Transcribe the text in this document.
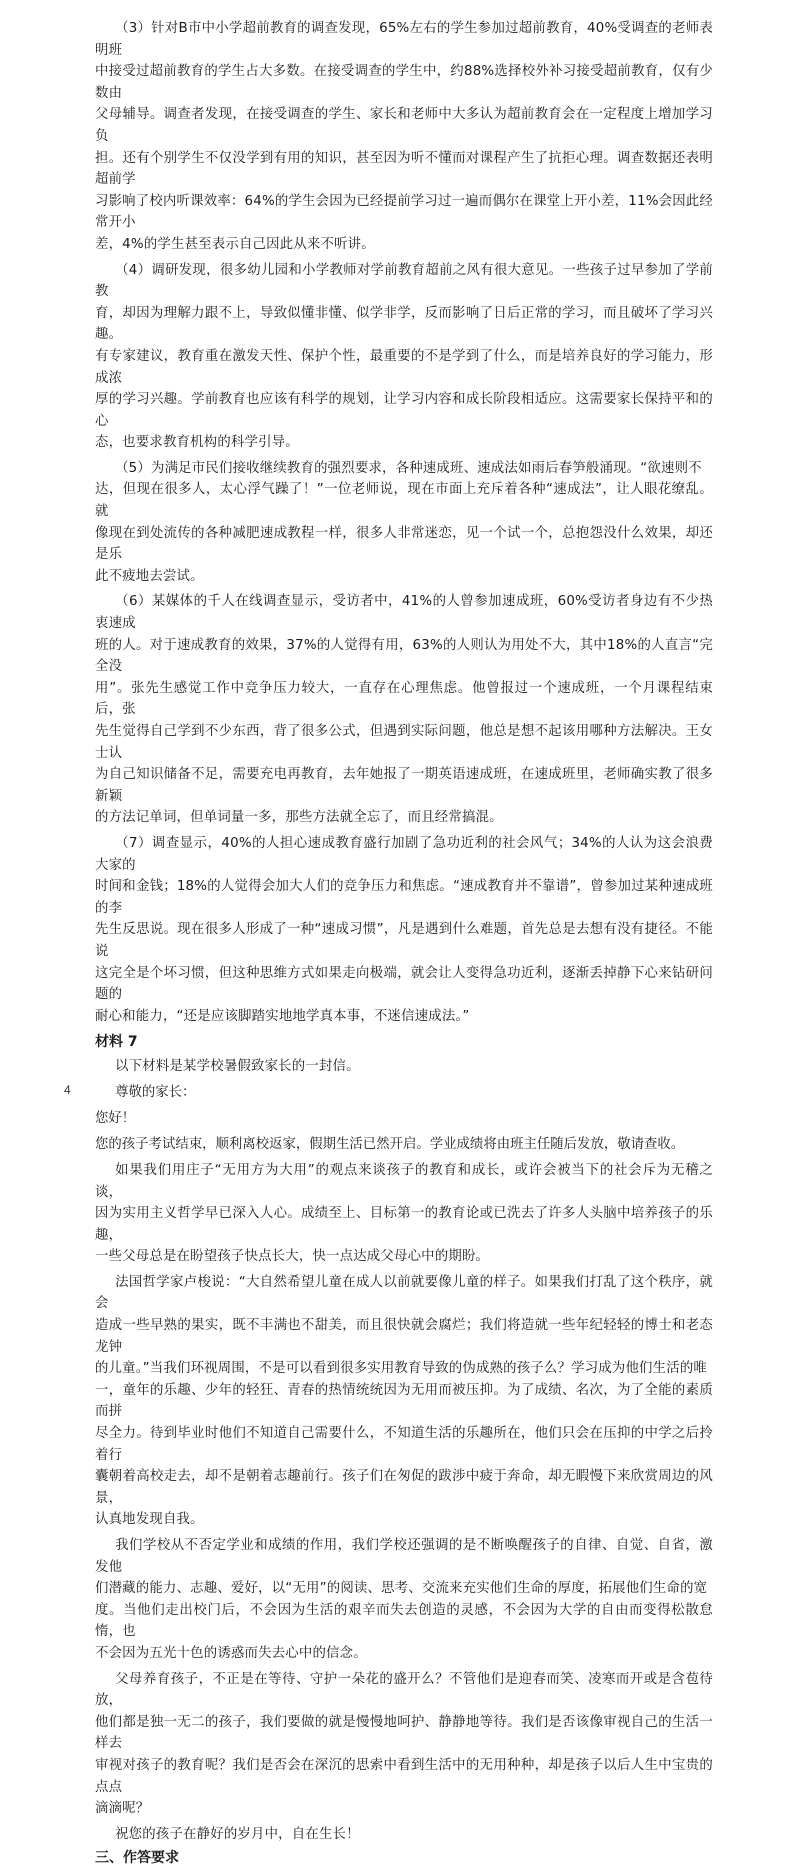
（3）针对B市中小学超前教育的调查发现，65%左右的学生参加过超前教育，40%受调查的老师表明班
中接受过超前教育的学生占大多数。在接受调查的学生中，约88%选择校外补习接受超前教育，仅有少数由
父母辅导。调查者发现，在接受调查的学生、家长和老师中大多认为超前教育会在一定程度上增加学习负
担。还有个别学生不仅没学到有用的知识，甚至因为听不懂而对课程产生了抗拒心理。调查数据还表明超前学
习影响了校内听课效率：64%的学生会因为已经提前学习过一遍而偶尔在课堂上开小差，11%会因此经常开小
差，4%的学生甚至表示自己因此从来不听讲。

（4）调研发现，很多幼儿园和小学教师对学前教育超前之风有很大意见。一些孩子过早参加了学前教
育，却因为理解力跟不上，导致似懂非懂、似学非学，反而影响了日后正常的学习，而且破坏了学习兴趣。
有专家建议，教育重在激发天性、保护个性，最重要的不是学到了什么，而是培养良好的学习能力，形成浓
厚的学习兴趣。学前教育也应该有科学的规划，让学习内容和成长阶段相适应。这需要家长保持平和的心
态，也要求教育机构的科学引导。

（5）为满足市民们接收继续教育的强烈要求，各种速成班、速成法如雨后春笋般涌现。“欲速则不
达，但现在很多人，太心浮气躁了！”一位老师说，现在市面上充斥着各种“速成法”，让人眼花缭乱。就
像现在到处流传的各种减肥速成教程一样，很多人非常迷恋，见一个试一个，总抱怨没什么效果，却还是乐
此不疲地去尝试。

（6）某媒体的千人在线调查显示，受访者中，41%的人曾参加速成班，60%受访者身边有不少热衷速成
班的人。对于速成教育的效果，37%的人觉得有用，63%的人则认为用处不大，其中18%的人直言“完全没
用”。张先生感觉工作中竞争压力较大，一直存在心理焦虑。他曾报过一个速成班，一个月课程结束后，张
先生觉得自己学到不少东西，背了很多公式，但遇到实际问题，他总是想不起该用哪种方法解决。王女士认
为自己知识储备不足，需要充电再教育，去年她报了一期英语速成班，在速成班里，老师确实教了很多新颖
的方法记单词，但单词量一多，那些方法就全忘了，而且经常搞混。

（7）调查显示，40%的人担心速成教育盛行加剧了急功近利的社会风气；34%的人认为这会浪费大家的
时间和金钱；18%的人觉得会加大人们的竞争压力和焦虑。“速成教育并不靠谱”，曾参加过某种速成班的李
先生反思说。现在很多人形成了一种“速成习惯”，凡是遇到什么难题，首先总是去想有没有捷径。不能说
这完全是个坏习惯，但这种思维方式如果走向极端，就会让人变得急功近利，逐渐丢掉静下心来钻研问题的
耐心和能力，“还是应该脚踏实地地学真本事，不迷信速成法。”

材料 7

以下材料是某学校暑假致家长的一封信。

尊敬的家长：

您好！

您的孩子考试结束，顺利离校返家，假期生活已然开启。学业成绩将由班主任随后发放，敬请查收。

如果我们用庄子“无用方为大用”的观点来谈孩子的教育和成长，或许会被当下的社会斥为无稽之谈，
因为实用主义哲学早已深入人心。成绩至上、目标第一的教育论或已洗去了许多人头脑中培养孩子的乐趣，
一些父母总是在盼望孩子快点长大，快一点达成父母心中的期盼。

法国哲学家卢梭说：“大自然希望儿童在成人以前就要像儿童的样子。如果我们打乱了这个秩序，就会
造成一些早熟的果实，既不丰满也不甜美，而且很快就会腐烂；我们将造就一些年纪轻轻的博士和老态龙钟
的儿童。”当我们环视周围，不是可以看到很多实用教育导致的伪成熟的孩子么？学习成为他们生活的唯
一，童年的乐趣、少年的轻狂、青春的热情统统因为无用而被压抑。为了成绩、名次，为了全能的素质而拼
尽全力。待到毕业时他们不知道自己需要什么，不知道生活的乐趣所在，他们只会在压抑的中学之后拎着行
囊朝着高校走去，却不是朝着志趣前行。孩子们在匆促的跋涉中疲于奔命，却无暇慢下来欣赏周边的风景，
认真地发现自我。

我们学校从不否定学业和成绩的作用，我们学校还强调的是不断唤醒孩子的自律、自觉、自省，激发他
们潜藏的能力、志趣、爱好，以“无用”的阅读、思考、交流来充实他们生命的厚度，拓展他们生命的宽
度。当他们走出校门后，不会因为生活的艰辛而失去创造的灵感，不会因为大学的自由而变得松散怠惰，也
不会因为五光十色的诱惑而失去心中的信念。

父母养育孩子，不正是在等待、守护一朵花的盛开么？不管他们是迎春而笑、凌寒而开或是含苞待放，
他们都是独一无二的孩子，我们要做的就是慢慢地呵护、静静地等待。我们是否该像审视自己的生活一样去
审视对孩子的教育呢？我们是否会在深沉的思索中看到生活中的无用种种，却是孩子以后人生中宝贵的点点
滴滴呢？

祝您的孩子在静好的岁月中，自在生长！

三、作答要求
4
